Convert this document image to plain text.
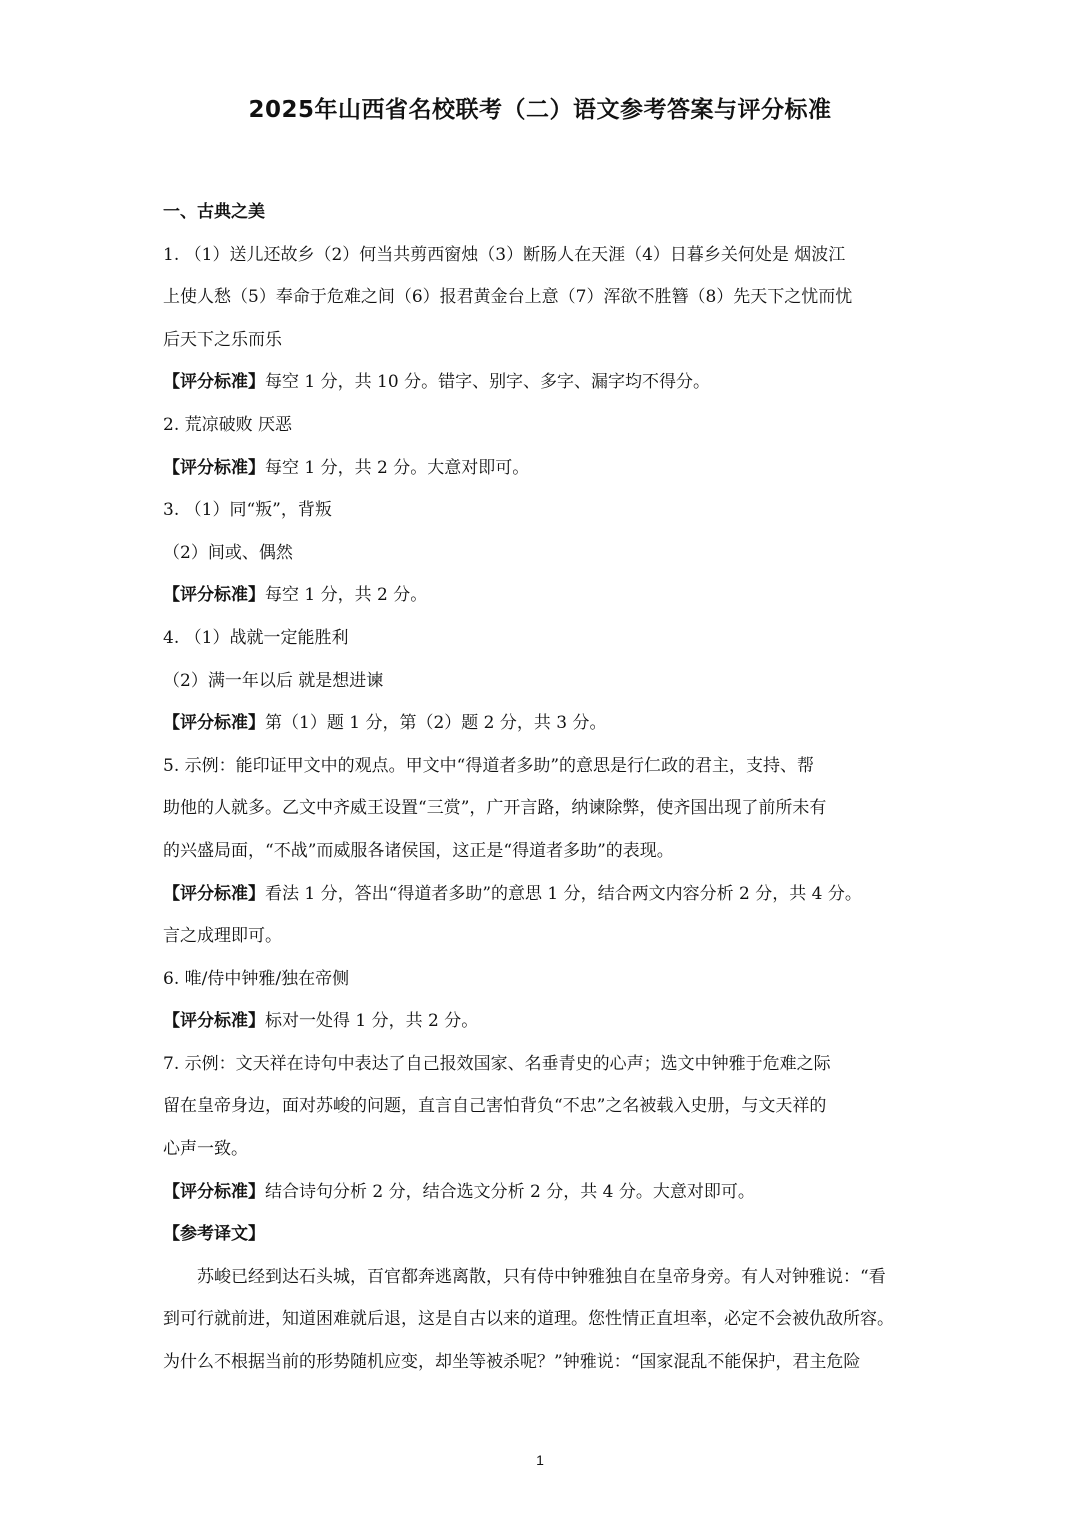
2025年山西省名校联考（二）语文参考答案与评分标准
一、古典之美
1. （1）送儿还故乡（2）何当共剪西窗烛（3）断肠人在天涯（4）日暮乡关何处是 烟波江
上使人愁（5）奉命于危难之间（6）报君黄金台上意（7）浑欲不胜簪（8）先天下之忧而忧
后天下之乐而乐
【评分标准】每空 1 分，共 10 分。错字、别字、多字、漏字均不得分。
2. 荒凉破败 厌恶
【评分标准】每空 1 分，共 2 分。大意对即可。
3. （1）同“叛”，背叛
（2）间或、偶然
【评分标准】每空 1 分，共 2 分。
4. （1）战就一定能胜利
（2）满一年以后 就是想进谏
【评分标准】第（1）题 1 分，第（2）题 2 分，共 3 分。
5. 示例：能印证甲文中的观点。甲文中“得道者多助”的意思是行仁政的君主，支持、帮
助他的人就多。乙文中齐威王设置“三赏”，广开言路，纳谏除弊，使齐国出现了前所未有
的兴盛局面，“不战”而威服各诸侯国，这正是“得道者多助”的表现。
【评分标准】看法 1 分，答出“得道者多助”的意思 1 分，结合两文内容分析 2 分，共 4 分。
言之成理即可。
6. 唯/侍中钟雅/独在帝侧
【评分标准】标对一处得 1 分，共 2 分。
7. 示例：文天祥在诗句中表达了自己报效国家、名垂青史的心声；选文中钟雅于危难之际
留在皇帝身边，面对苏峻的问题，直言自己害怕背负“不忠”之名被载入史册，与文天祥的
心声一致。
【评分标准】结合诗句分析 2 分，结合选文分析 2 分，共 4 分。大意对即可。
【参考译文】
苏峻已经到达石头城，百官都奔逃离散，只有侍中钟雅独自在皇帝身旁。有人对钟雅说：“看
到可行就前进，知道困难就后退，这是自古以来的道理。您性情正直坦率，必定不会被仇敌所容。
为什么不根据当前的形势随机应变，却坐等被杀呢？”钟雅说：“国家混乱不能保护，君主危险
1
